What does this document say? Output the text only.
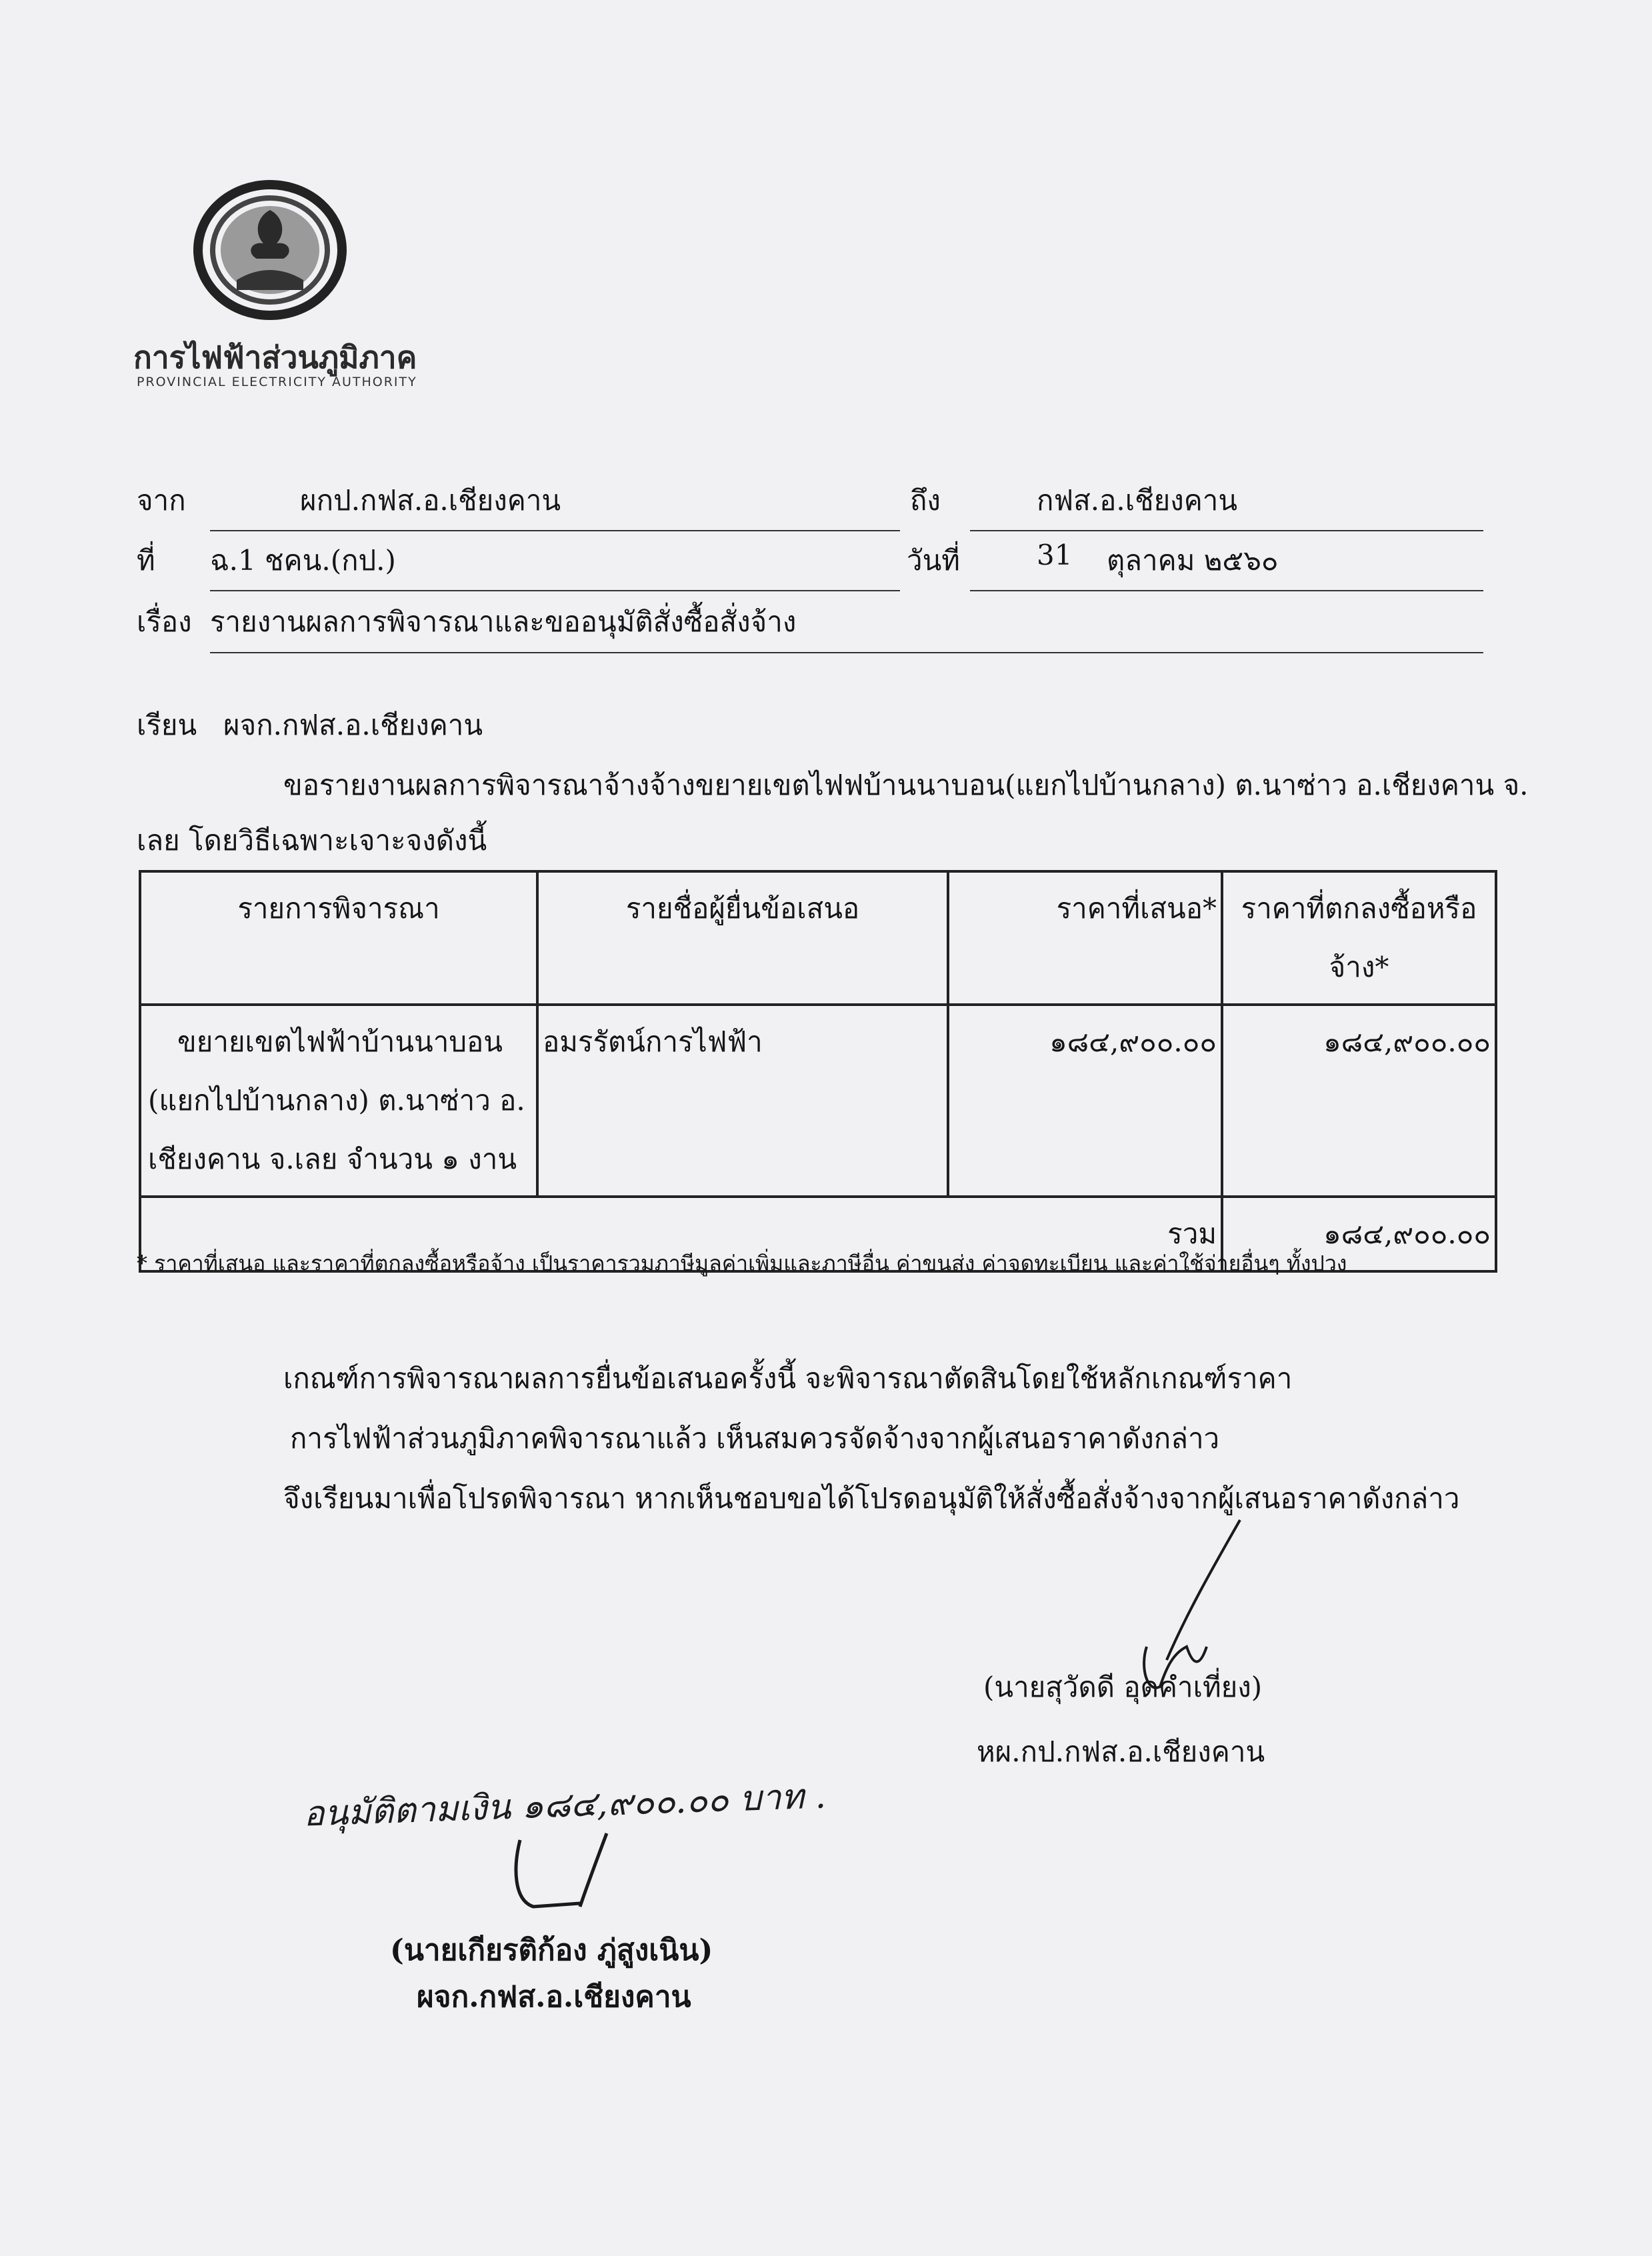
การไฟฟ้าส่วนภูมิภาค
PROVINCIAL ELECTRICITY AUTHORITY
จาก	ผกป.กฟส.อ.เชียงคาน	ถึง	กฟส.อ.เชียงคาน
ที่ ฉ.1 ชคน.(กป.)	วันที่	31 ตุลาคม ๒๕๖๐
เรื่อง รายงานผลการพิจารณาและขออนุมัติสั่งซื้อสั่งจ้าง
เรียน ผจก.กฟส.อ.เชียงคาน
ขอรายงานผลการพิจารณาจ้างจ้างขยายเขตไฟฟบ้านนาบอน(แยกไปบ้านกลาง) ต.นาซ่าว อ.เชียงคาน จ.
เลย โดยวิธีเฉพาะเจาะจงดังนี้
รายการพิจารณา	รายชื่อผู้ยื่นข้อเสนอ	ราคาที่เสนอ*	ราคาที่ตกลงซื้อหรือ
จ้าง*

ขยายเขตไฟฟ้าบ้านนาบอน
(แยกไปบ้านกลาง) ต.นาซ่าว อ.
เชียงคาน จ.เลย จำนวน ๑ งาน	อมรรัตน์การไฟฟ้า	๑๘๔,๙๐๐.๐๐	๑๘๔,๙๐๐.๐๐
รวม			๑๘๔,๙๐๐.๐๐
* ราคาที่เสนอ และราคาที่ตกลงซื้อหรือจ้าง เป็นราคารวมภาษีมูลค่าเพิ่มและภาษีอื่น ค่าขนส่ง ค่าจดทะเบียน และค่าใช้จ่ายอื่นๆ ทั้งปวง
เกณฑ์การพิจารณาผลการยื่นข้อเสนอครั้งนี้ จะพิจารณาตัดสินโดยใช้หลักเกณฑ์ราคา
การไฟฟ้าส่วนภูมิภาคพิจารณาแล้ว เห็นสมควรจัดจ้างจากผู้เสนอราคาดังกล่าว
จึงเรียนมาเพื่อโปรดพิจารณา หากเห็นชอบขอได้โปรดอนุมัติให้สั่งซื้อสั่งจ้างจากผู้เสนอราคาดังกล่าว
(นายสุวัดดี อุดคำเที่ยง)
หผ.กป.กฟส.อ.เชียงคาน
อนุมัติตามเงิน ๑๘๔,๙๐๐.๐๐ บาท .
(นายเกียรติก้อง ภู่สูงเนิน)
ผจก.กฟส.อ.เชียงคาน
